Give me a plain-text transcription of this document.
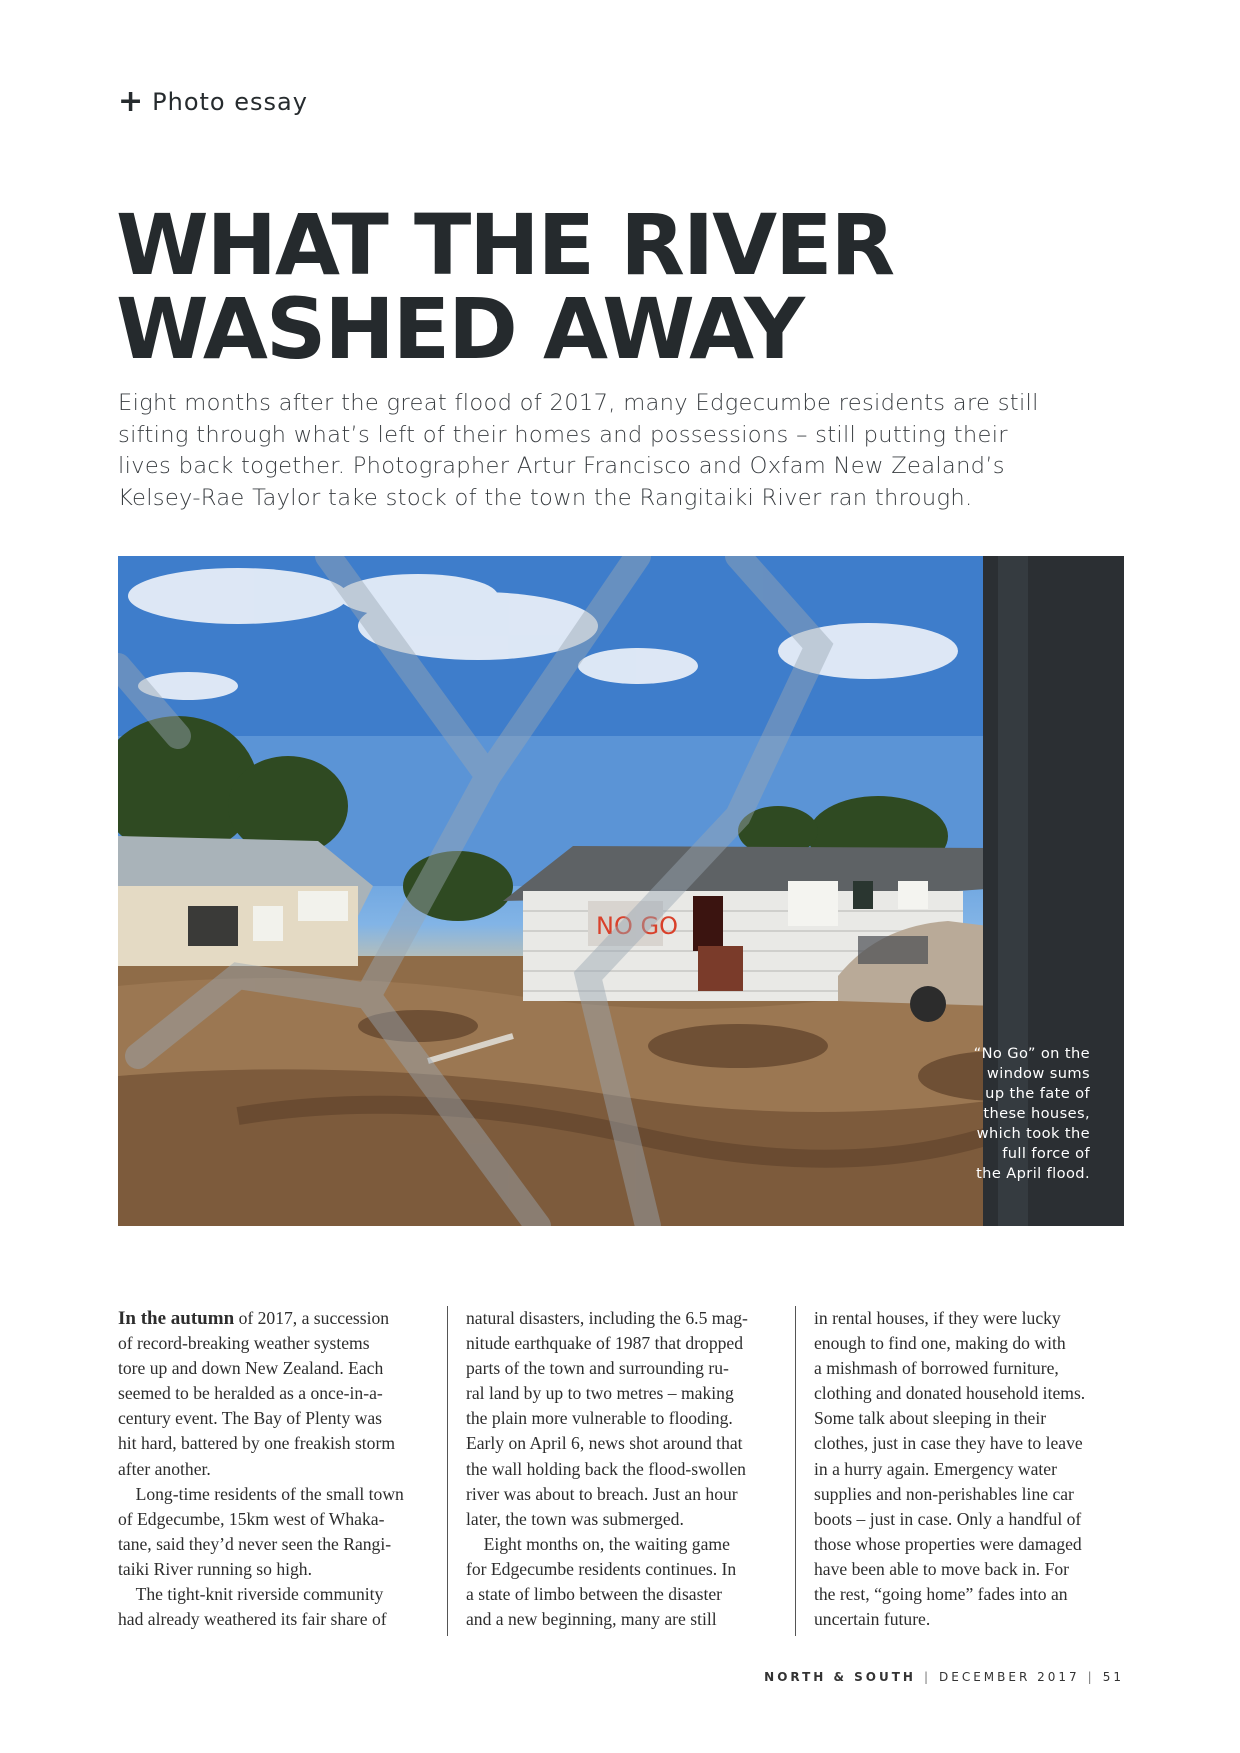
+ Photo essay
WHAT THE RIVER
WASHED AWAY

Eight months after the great flood of 2017, many Edgecumbe residents are still
sifting through what’s left of their homes and possessions – still putting their
lives back together. Photographer Artur Francisco and Oxfam New Zealand’s
Kelsey-Rae Taylor take stock of the town the Rangitaiki River ran through.

NO GO
“No Go” on the
window sums
up the fate of
these houses,
which took the
full force of
the April flood.
In the autumn of 2017, a succession
of record-breaking weather systems
tore up and down New Zealand. Each
seemed to be heralded as a once-in-a-
century event. The Bay of Plenty was
hit hard, battered by one freakish storm
after another.
 Long-time residents of the small town
of Edgecumbe, 15km west of Whaka-
tane, said they’d never seen the Rangi-
taiki River running so high.
 The tight-knit riverside community
had already weathered its fair share of
natural disasters, including the 6.5 mag-
nitude earthquake of 1987 that dropped
parts of the town and surrounding ru-
ral land by up to two metres – making
the plain more vulnerable to flooding.
Early on April 6, news shot around that
the wall holding back the flood-swollen
river was about to breach. Just an hour
later, the town was submerged.
 Eight months on, the waiting game
for Edgecumbe residents continues. In
a state of limbo between the disaster
and a new beginning, many are still
in rental houses, if they were lucky
enough to find one, making do with
a mishmash of borrowed furniture,
clothing and donated household items.
Some talk about sleeping in their
clothes, just in case they have to leave
in a hurry again. Emergency water
supplies and non-perishables line car
boots – just in case. Only a handful of
those whose properties were damaged
have been able to move back in. For
the rest, “going home” fades into an
uncertain future.
NORTH & SOUTH | DECEMBER 2017 | 51
